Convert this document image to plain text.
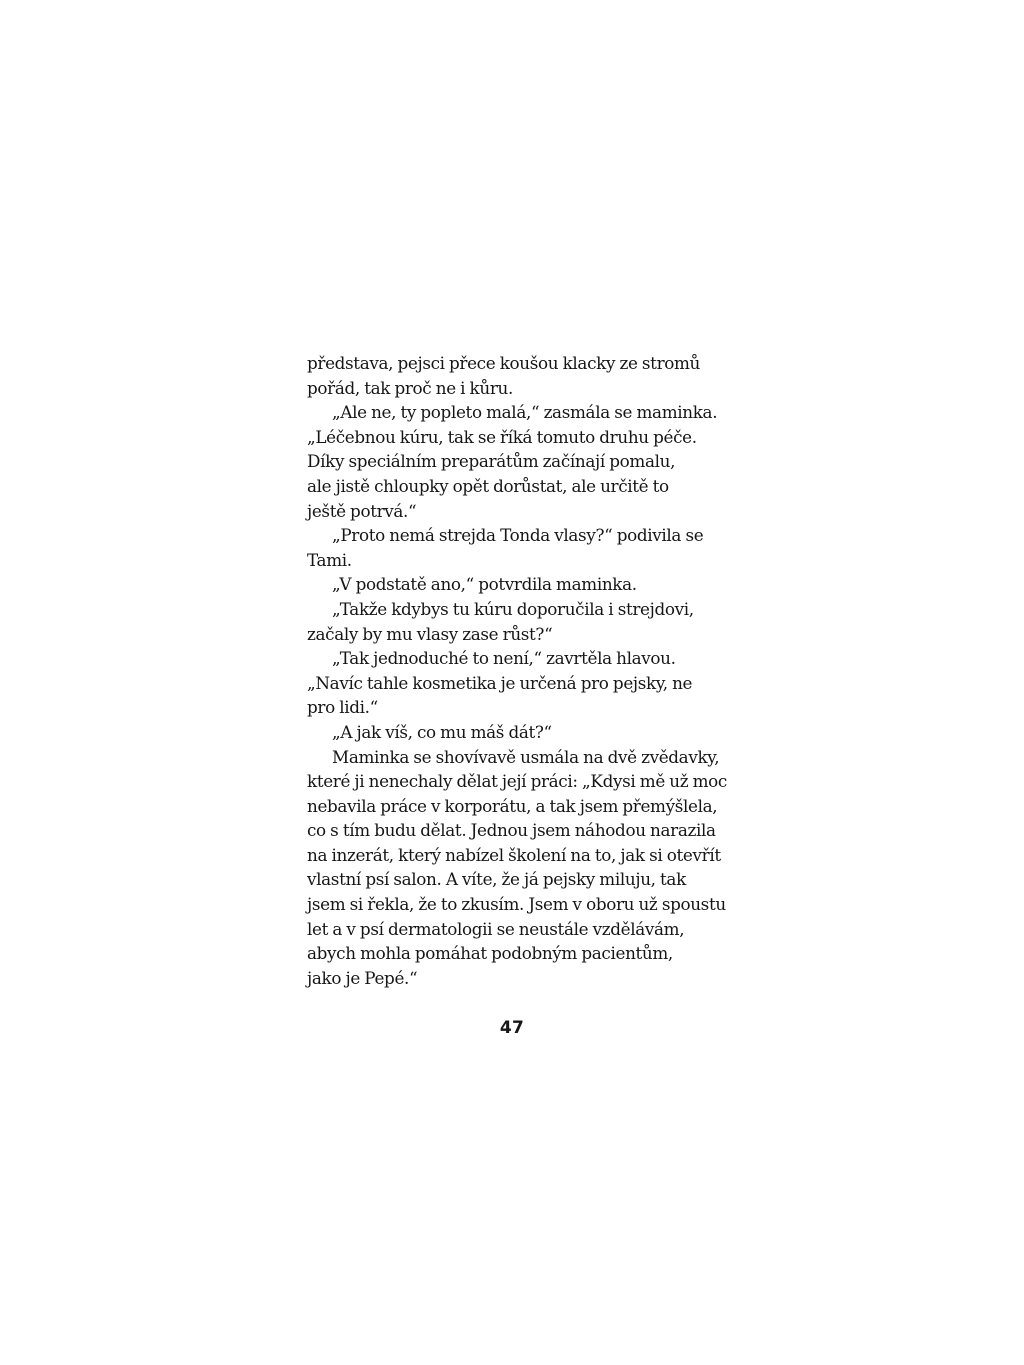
představa, pejsci přece koušou klacky ze stromů
pořád, tak proč ne i kůru.
„Ale ne, ty popleto malá,“ zasmála se maminka.
„Léčebnou kúru, tak se říká tomuto druhu péče.
Díky speciálním preparátům začínají pomalu,
ale jistě chloupky opět dorůstat, ale určitě to
ještě potrvá.“
„Proto nemá strejda Tonda vlasy?“ podivila se
Tami.
„V podstatě ano,“ potvrdila maminka.
„Takže kdybys tu kúru doporučila i strejdovi,
začaly by mu vlasy zase růst?“
„Tak jednoduché to není,“ zavrtěla hlavou.
„Navíc tahle kosmetika je určená pro pejsky, ne
pro lidi.“
„A jak víš, co mu máš dát?“
Maminka se shovívavě usmála na dvě zvědavky,
které ji nenechaly dělat její práci: „Kdysi mě už moc
nebavila práce v korporátu, a tak jsem přemýšlela,
co s tím budu dělat. Jednou jsem náhodou narazila
na inzerát, který nabízel školení na to, jak si otevřít
vlastní psí salon. A víte, že já pejsky miluju, tak
jsem si řekla, že to zkusím. Jsem v oboru už spoustu
let a v psí dermatologii se neustále vzdělávám,
abych mohla pomáhat podobným pacientům,
jako je Pepé.“
47
